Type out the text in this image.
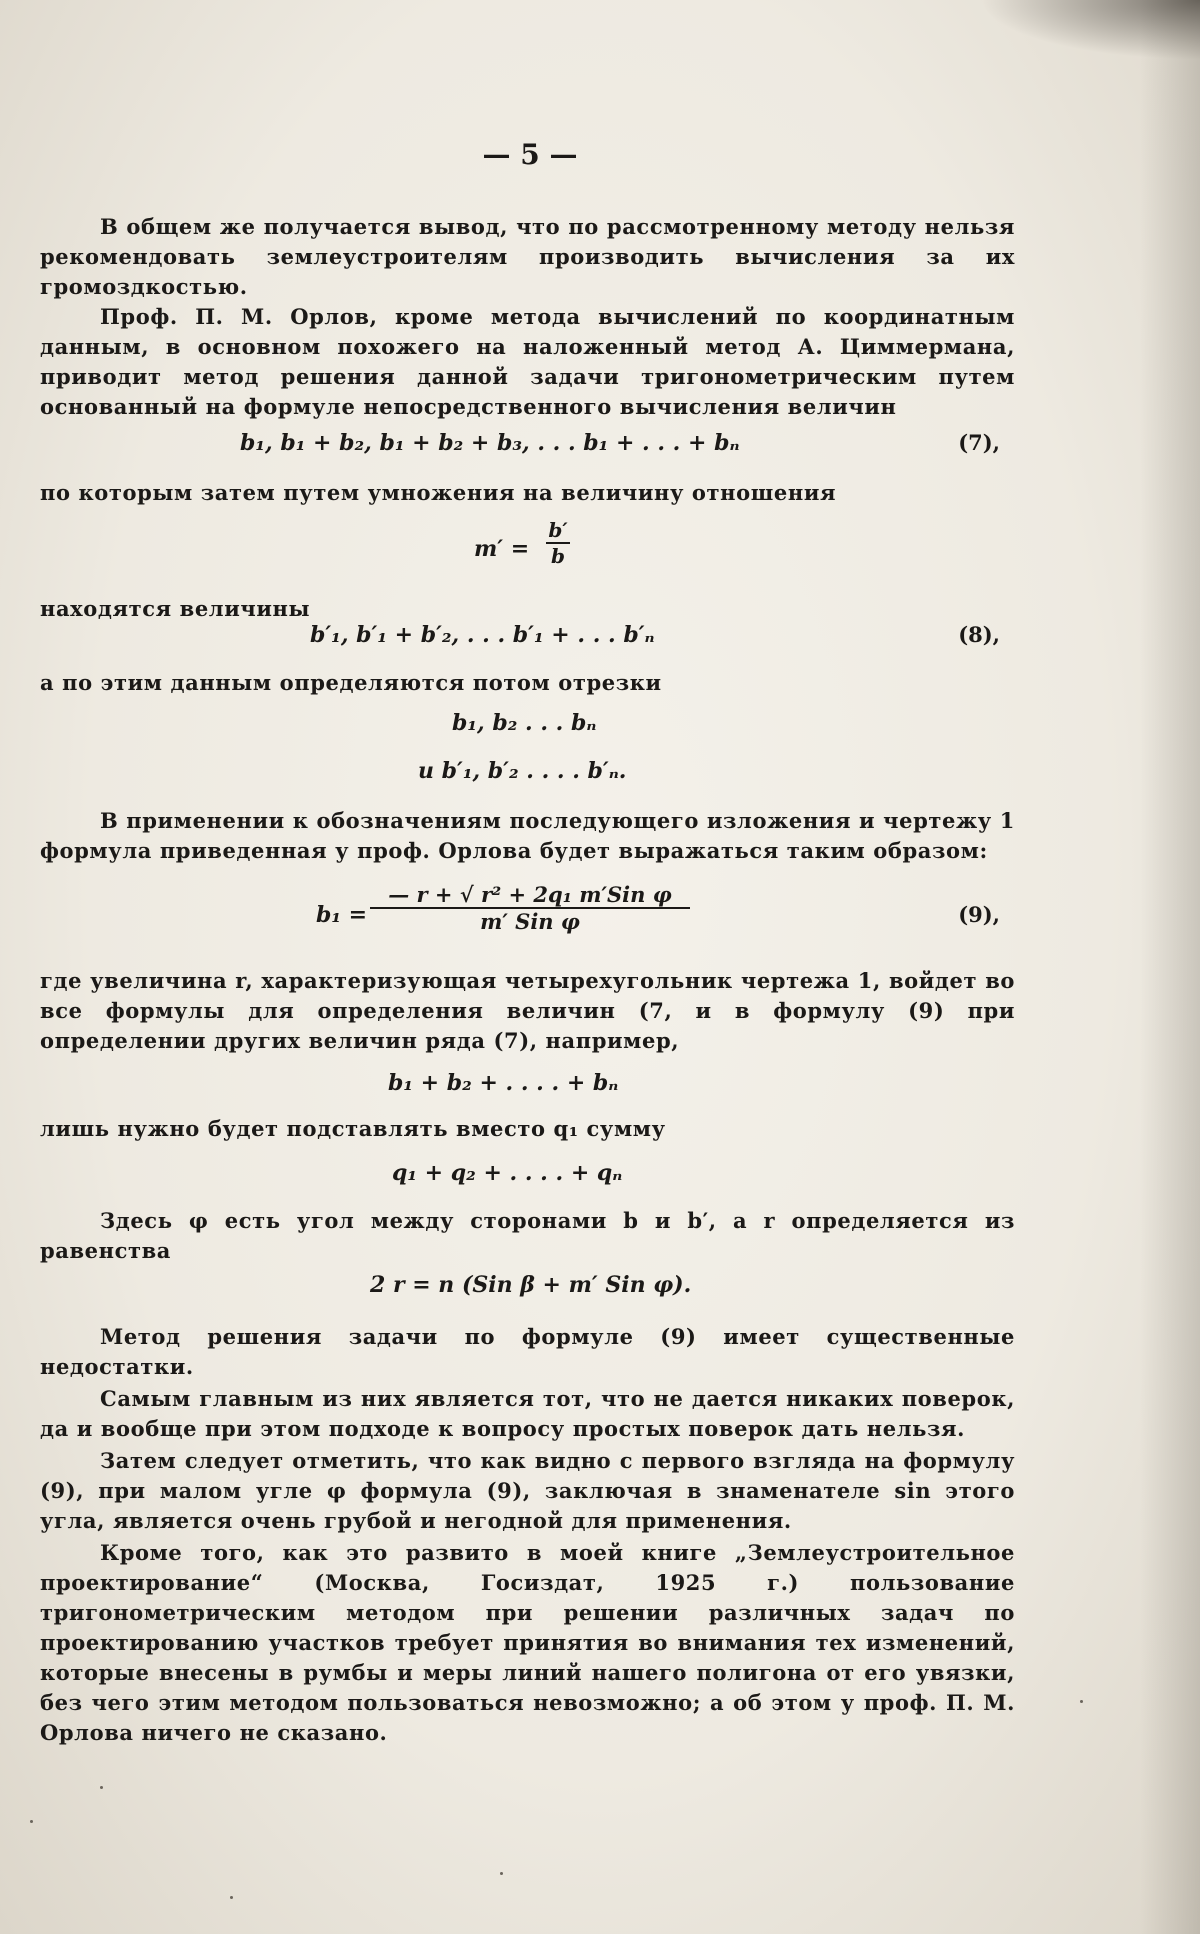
— 5 —
В общем же получается вывод, что по рассмотренному методу нельзя рекомендовать землеустроителям производить вычисления за их громоздкостью.
Проф. П. М. Орлов, кроме метода вычислений по координатным данным, в основном похожего на наложенный метод А. Циммермана, приводит метод решения данной задачи тригонометрическим путем основанный на формуле непосредственного вычисления величин
b₁, b₁ + b₂, b₁ + b₂ + b₃, . . . b₁ + . . . + bₙ	(7),
по которым затем путем умножения на величину отношения
m′ =
b′
b
находятся величины
b′₁, b′₁ + b′₂, . . . b′₁ + . . . b′ₙ	(8),
а по этим данным определяются потом отрезки
b₁, b₂ . . . bₙ
и b′₁, b′₂ . . . . b′ₙ.
В применении к обозначениям последующего изложения и чертежу 1 формула приведенная у проф. Орлова будет выражаться таким образом:
b₁ =
— r + √ r² + 2q₁ m′Sin φ
m′ Sin φ	(9),
где увеличина r, характеризующая четырехугольник чертежа 1, войдет во все формулы для определения величин (7, и в формулу (9) при определении других величин ряда (7), например,
b₁ + b₂ + . . . . + bₙ
лишь нужно будет подставлять вместо q₁ сумму
q₁ + q₂ + . . . . + qₙ
Здесь φ есть угол между сторонами b и b′, а r определяется из равенства
2 r = n (Sin β + m′ Sin φ).
Метод решения задачи по формуле (9) имеет существенные недостатки.
Самым главным из них является тот, что не дается никаких поверок, да и вообще при этом подходе к вопросу простых поверок дать нельзя.
Затем следует отметить, что как видно с первого взгляда на формулу (9), при малом угле φ формула (9), заключая в знаменателе sin этого угла, является очень грубой и негодной для применения.
Кроме того, как это развито в моей книге „Землеустроительное проектирование“ (Москва, Госиздат, 1925 г.) пользование тригонометрическим методом при решении различных задач по проектированию участков требует принятия во внимания тех изменений, которые внесены в румбы и меры линий нашего полигона от его увязки, без чего этим методом пользоваться невозможно; а об этом у проф. П. М. Орлова ничего не сказано.
